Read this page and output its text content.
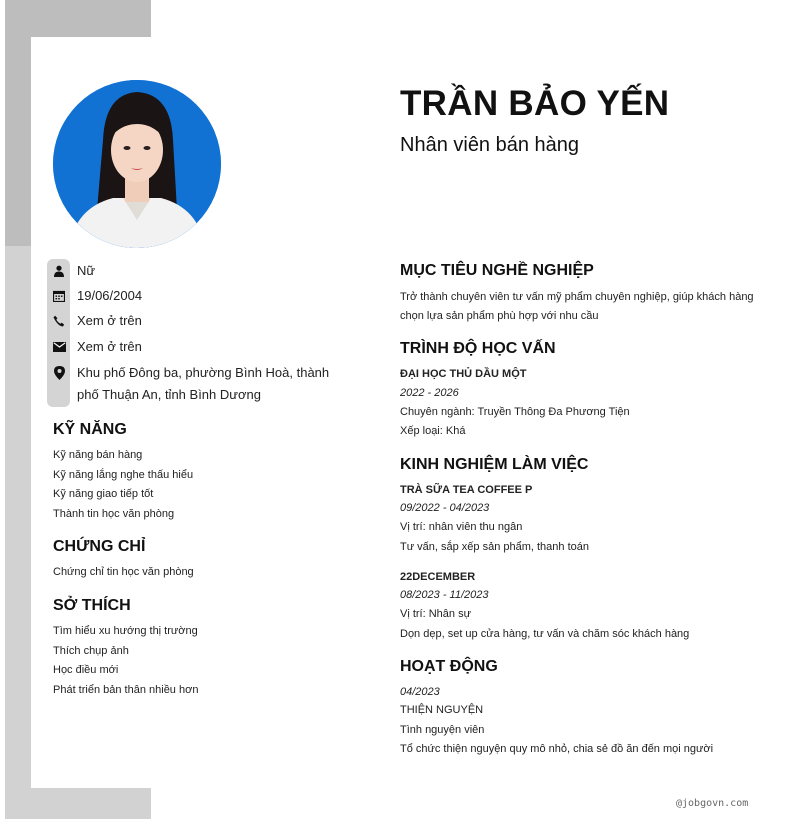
TRẦN BẢO YẾN
Nhân viên bán hàng
Nữ
19/06/2004
Xem ở trên
Xem ở trên
Khu phố Đông ba, phường Bình Hoà, thành phố Thuận An, tỉnh Bình Dương
KỸ NĂNG
Kỹ năng bán hàng
Kỹ năng lắng nghe thấu hiểu
Kỹ năng giao tiếp tốt
Thành tin học văn phòng
CHỨNG CHỈ
Chứng chỉ tin học văn phòng
SỞ THÍCH
Tìm hiểu xu hướng thị trường
Thích chụp ảnh
Học điều mới
Phát triển bản thân nhiều hơn
MỤC TIÊU NGHỀ NGHIỆP
Trở thành chuyên viên tư vấn mỹ phẩm chuyên nghiệp, giúp khách hàng chọn lựa sản phẩm phù hợp với nhu cầu
TRÌNH ĐỘ HỌC VẤN
ĐẠI HỌC THỦ DẦU MỘT
2022 - 2026
Chuyên ngành: Truyền Thông Đa Phương Tiện
Xếp loại: Khá
KINH NGHIỆM LÀM VIỆC
TRÀ SỮA TEA COFFEE P
09/2022 - 04/2023
Vị trí: nhân viên thu ngân
Tư vấn, sắp xếp sản phẩm, thanh toán
22DECEMBER
08/2023 - 11/2023
Vị trí: Nhân sự
Dọn dẹp, set up cửa hàng, tư vấn và chăm sóc khách hàng
HOẠT ĐỘNG
04/2023
THIỆN NGUYỆN
Tình nguyện viên
Tổ chức thiện nguyện quy mô nhỏ, chia sẻ đồ ăn đến mọi người
@jobgovn.com
